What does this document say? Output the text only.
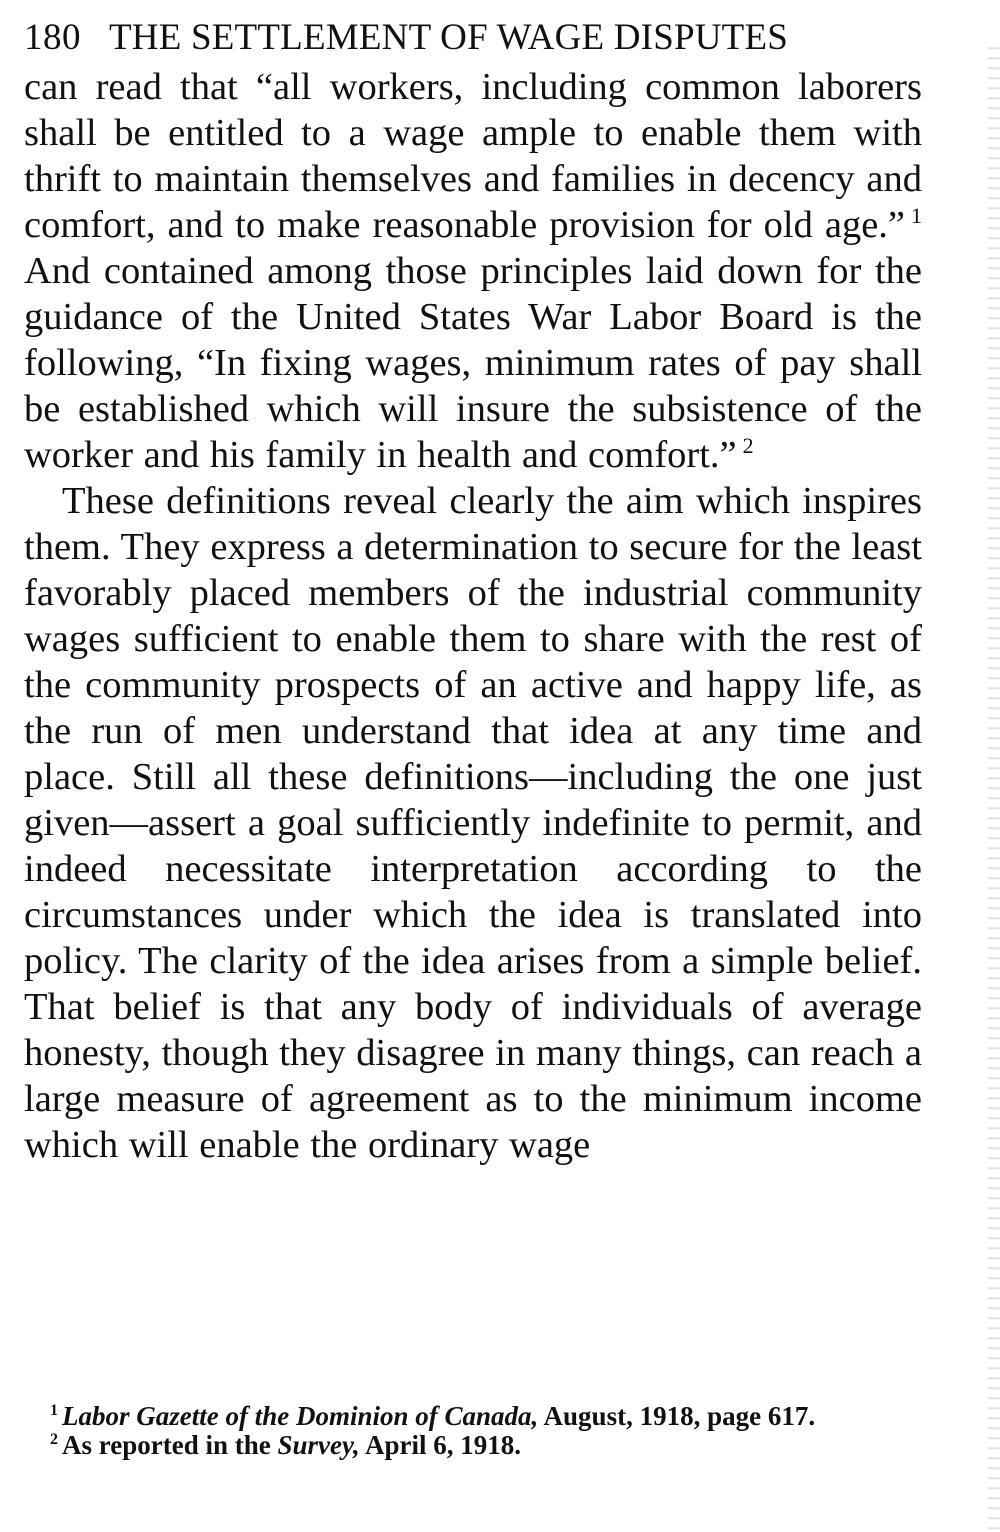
180 THE SETTLEMENT OF WAGE DISPUTES

can read that “all workers, including common laborers shall be entitled to a wage ample to enable them with thrift to maintain themselves and families in decency and comfort, and to make reasonable provision for old age.” $^1$ And contained among those principles laid down for the guidance of the United States War Labor Board is the following, “In fixing wages, minimum rates of pay shall be established which will insure the subsistence of the worker and his family in health and comfort.” $^2$

These definitions reveal clearly the aim which inspires them. They express a determination to secure for the least favorably placed members of the industrial community wages sufficient to enable them to share with the rest of the community prospects of an active and happy life, as the run of men understand that idea at any time and place. Still all these definitions—including the one just given—assert a goal sufficiently indefinite to permit, and indeed necessitate interpretation according to the circumstances under which the idea is translated into policy. The clarity of the idea arises from a simple belief. That belief is that any body of individuals of average honesty, though they disagree in many things, can reach a large measure of agreement as to the minimum income which will enable the ordinary wage

$^1$ Labor Gazette of the Dominion of Canada, August, 1918, page 617.

$^2$ As reported in the Survey, April 6, 1918.
